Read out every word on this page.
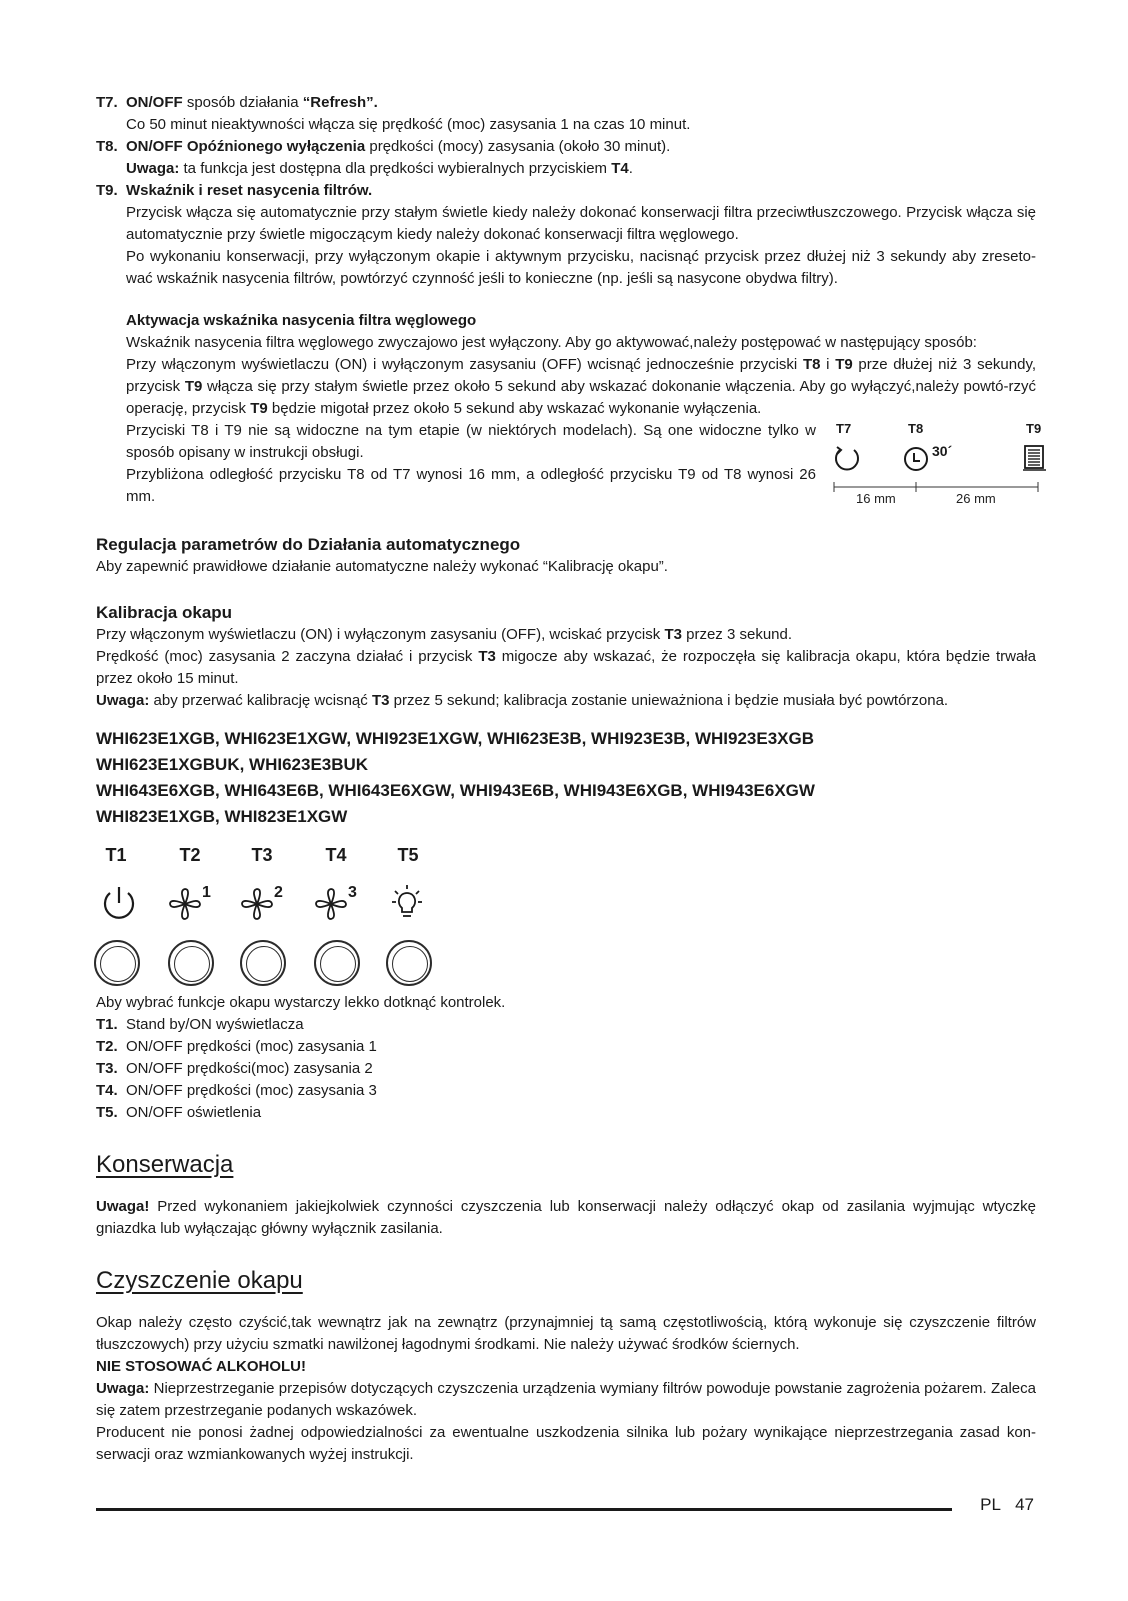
T7. ON/OFF sposób działania “Refresh”.
Co 50 minut nieaktywności włącza się prędkość (moc) zasysania 1 na czas 10 minut.
T8. ON/OFF Opóźnionego wyłączenia prędkości (mocy) zasysania (około 30 minut).
Uwaga: ta funkcja jest dostępna dla prędkości wybieralnych przyciskiem T4.
T9. Wskaźnik i reset nasycenia filtrów.
Przycisk włącza się automatycznie przy stałym świetle kiedy należy dokonać konserwacji filtra przeciwtłuszczowego. Przycisk włącza się automatycznie przy świetle migoczącym kiedy należy dokonać konserwacji filtra węglowego.
Po wykonaniu konserwacji, przy wyłączonym okapie i aktywnym przycisku, nacisnąć przycisk przez dłużej niż 3 sekundy aby zreseto-wać wskaźnik nasycenia filtrów, powtórzyć czynność jeśli to konieczne (np. jeśli są nasycone obydwa filtry).
Aktywacja wskaźnika nasycenia filtra węglowego
Wskaźnik nasycenia filtra węglowego zwyczajowo jest wyłączony. Aby go aktywować,należy postępować w następujący sposób:
Przy włączonym wyświetlaczu (ON) i wyłączonym zasysaniu (OFF) wcisnąć jednocześnie przyciski T8 i T9 prze dłużej niż 3 sekundy, przycisk T9 włącza się przy stałym świetle przez około 5 sekund aby wskazać dokonanie włączenia. Aby go wyłączyć,należy powtó-rzyć operację, przycisk T9 będzie migotał przez około 5 sekund aby wskazać wykonanie wyłączenia.
Przyciski T8 i T9 nie są widoczne na tym etapie (w niektórych modelach). Są one widoczne tylko w sposób opisany w instrukcji obsługi.
Przybliżona odległość przycisku T8 od T7 wynosi 16 mm, a odległość przycisku T9 od T8 wynosi 26 mm.
T7	T8	T9
30´
16 mm	26 mm
Regulacja parametrów do Działania automatycznego
Aby zapewnić prawidłowe działanie automatyczne należy wykonać “Kalibrację okapu”.
Kalibracja okapu
Przy włączonym wyświetlaczu (ON) i wyłączonym zasysaniu (OFF), wciskać przycisk T3 przez 3 sekund.
Prędkość (moc) zasysania 2 zaczyna działać i przycisk T3 migocze aby wskazać, że rozpoczęła się kalibracja okapu, która będzie trwała przez około 15 minut.
Uwaga: aby przerwać kalibrację wcisnąć T3 przez 5 sekund; kalibracja zostanie unieważniona i będzie musiała być powtórzona.
WHI623E1XGB, WHI623E1XGW, WHI923E1XGW, WHI623E3B, WHI923E3B, WHI923E3XGB
WHI623E1XGBUK, WHI623E3BUK
WHI643E6XGB, WHI643E6B, WHI643E6XGW, WHI943E6B, WHI943E6XGB, WHI943E6XGW
WHI823E1XGB, WHI823E1XGW
T1	T2	T3	T4	T5
1	2	3
Aby wybrać funkcje okapu wystarczy lekko dotknąć kontrolek.
T1. Stand by/ON wyświetlacza
T2. ON/OFF prędkości (moc) zasysania 1
T3. ON/OFF prędkości(moc) zasysania 2
T4. ON/OFF prędkości (moc) zasysania 3
T5. ON/OFF oświetlenia
Konserwacja
Uwaga! Przed wykonaniem jakiejkolwiek czynności czyszczenia lub konserwacji należy odłączyć okap od zasilania wyjmując wtyczkę gniazdka lub wyłączając główny wyłącznik zasilania.
Czyszczenie okapu
Okap należy często czyścić,tak wewnątrz jak na zewnątrz (przynajmniej tą samą częstotliwością, którą wykonuje się czyszczenie filtrów tłuszczowych) przy użyciu szmatki nawilżonej łagodnymi środkami. Nie należy używać środków ściernych.
NIE STOSOWAĆ ALKOHOLU!
Uwaga: Nieprzestrzeganie przepisów dotyczących czyszczenia urządzenia wymiany filtrów powoduje powstanie zagrożenia pożarem. Zaleca się zatem przestrzeganie podanych wskazówek.
Producent nie ponosi żadnej odpowiedzialności za ewentualne uszkodzenia silnika lub pożary wynikające nieprzestrzegania zasad kon-serwacji oraz wzmiankowanych wyżej instrukcji.
PL 47
